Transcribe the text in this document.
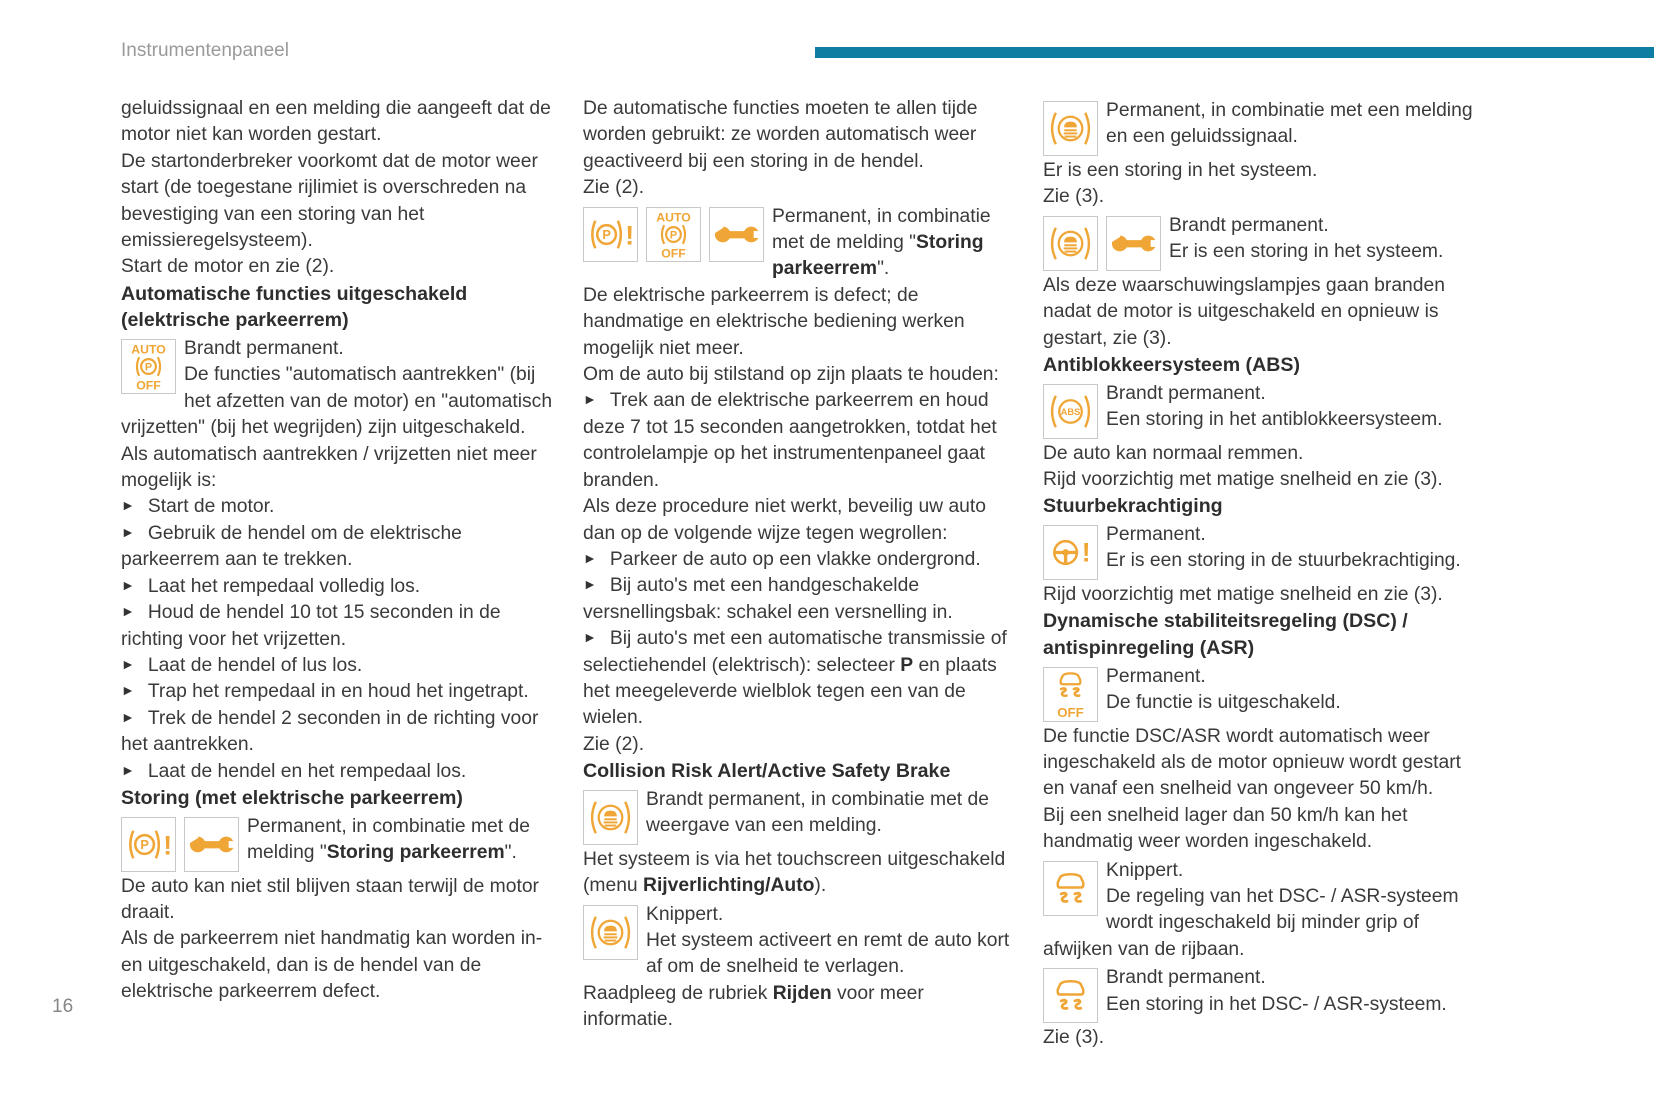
Instrumentenpaneel
16

geluidssignaal en een melding die aangeeft dat de motor niet kan worden gestart.

De startonderbreker voorkomt dat de motor weer start (de toegestane rijlimiet is overschreden na bevestiging van een storing van het emissieregelsysteem).

Start de motor en zie (2).

Automatische functies uitgeschakeld (elektrische parkeerrem)

Brandt permanent.
De functies "automatisch aantrekken" (bij het afzetten van de motor) en "automatisch vrijzetten" (bij het wegrijden) zijn uitgeschakeld.

Als automatisch aantrekken / vrijzetten niet meer mogelijk is:

► Start de motor.

► Gebruik de hendel om de elektrische parkeerrem aan te trekken.

► Laat het rempedaal volledig los.

► Houd de hendel 10 tot 15 seconden in de richting voor het vrijzetten.

► Laat de hendel of lus los.

► Trap het rempedaal in en houd het ingetrapt.

► Trek de hendel 2 seconden in de richting voor het aantrekken.

► Laat de hendel en het rempedaal los.

Storing (met elektrische parkeerrem)

Permanent, in combinatie met de melding "Storing parkeerrem".

De auto kan niet stil blijven staan terwijl de motor draait.

Als de parkeerrem niet handmatig kan worden in- en uitgeschakeld, dan is de hendel van de elektrische parkeerrem defect.

De automatische functies moeten te allen tijde worden gebruikt: ze worden automatisch weer geactiveerd bij een storing in de hendel.

Zie (2).

Permanent, in combinatie met de melding "Storing parkeerrem".

De elektrische parkeerrem is defect; de handmatige en elektrische bediening werken mogelijk niet meer.

Om de auto bij stilstand op zijn plaats te houden:

► Trek aan de elektrische parkeerrem en houd deze 7 tot 15 seconden aangetrokken, totdat het controlelampje op het instrumentenpaneel gaat branden.

Als deze procedure niet werkt, beveilig uw auto dan op de volgende wijze tegen wegrollen:

► Parkeer de auto op een vlakke ondergrond.

► Bij auto's met een handgeschakelde versnellingsbak: schakel een versnelling in.

► Bij auto's met een automatische transmissie of selectiehendel (elektrisch): selecteer P en plaats het meegeleverde wielblok tegen een van de wielen.

Zie (2).

Collision Risk Alert/Active Safety Brake

Brandt permanent, in combinatie met de weergave van een melding.

Het systeem is via het touchscreen uitgeschakeld (menu Rijverlichting/Auto).

Knippert.
Het systeem activeert en remt de auto kort af om de snelheid te verlagen.

Raadpleeg de rubriek Rijden voor meer informatie.

Permanent, in combinatie met een melding en een geluidssignaal.

Er is een storing in het systeem.

Zie (3).

Brandt permanent.
Er is een storing in het systeem.

Als deze waarschuwingslampjes gaan branden nadat de motor is uitgeschakeld en opnieuw is gestart, zie (3).

Antiblokkeersysteem (ABS)

Brandt permanent.
Een storing in het antiblokkeersysteem.

De auto kan normaal remmen.

Rijd voorzichtig met matige snelheid en zie (3).

Stuurbekrachtiging

Permanent.
Er is een storing in de stuurbekrachtiging.

Rijd voorzichtig met matige snelheid en zie (3).

Dynamische stabiliteitsregeling (DSC) / antispinregeling (ASR)

Permanent.
De functie is uitgeschakeld.

De functie DSC/ASR wordt automatisch weer ingeschakeld als de motor opnieuw wordt gestart en vanaf een snelheid van ongeveer 50 km/h.

Bij een snelheid lager dan 50 km/h kan het handmatig weer worden ingeschakeld.

Knippert.
De regeling van het DSC- / ASR-systeem wordt ingeschakeld bij minder grip of afwijken van de rijbaan.

Brandt permanent.
Een storing in het DSC- / ASR-systeem.

Zie (3).
